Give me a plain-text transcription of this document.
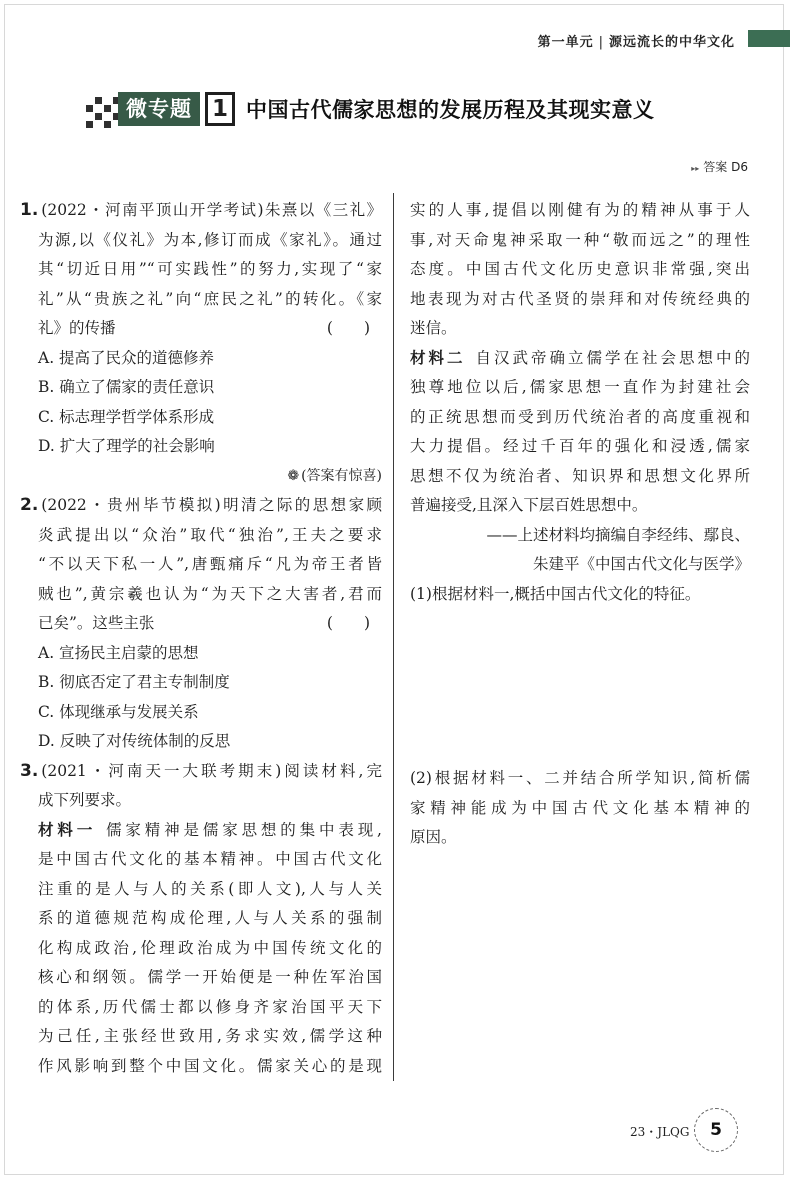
第一单元 | 源远流长的中华文化
微专题 1 中国古代儒家思想的发展历程及其现实意义
▸▸ 答案 D6
1. (2022・河南平顶山开学考试)朱熹以《三礼》
为源,以《仪礼》为本,修订而成《家礼》。通过
其“切近日用”“可实践性”的努力,实现了“家
礼”从“贵族之礼”向“庶民之礼”的转化。《家
礼》的传播	(　　)
A. 提高了民众的道德修养
B. 确立了儒家的责任意识
C. 标志理学哲学体系形成
D. 扩大了理学的社会影响
❁ (答案有惊喜)
2. (2022・贵州毕节模拟)明清之际的思想家顾
炎武提出以“众治”取代“独治”,王夫之要求
“不以天下私一人”,唐甄痛斥“凡为帝王者皆
贼也”,黄宗羲也认为“为天下之大害者,君而
已矣”。这些主张	(　　)
A. 宣扬民主启蒙的思想
B. 彻底否定了君主专制制度
C. 体现继承与发展关系
D. 反映了对传统体制的反思
3. (2021・河南天一大联考期末)阅读材料,完
成下列要求。
材料一 儒家精神是儒家思想的集中表现,
是中国古代文化的基本精神。中国古代文化
注重的是人与人的关系(即人文),人与人关
系的道德规范构成伦理,人与人关系的强制
化构成政治,伦理政治成为中国传统文化的
核心和纲领。儒学一开始便是一种佐军治国
的体系,历代儒士都以修身齐家治国平天下
为己任,主张经世致用,务求实效,儒学这种
作风影响到整个中国文化。儒家关心的是现
实的人事,提倡以刚健有为的精神从事于人
事,对天命鬼神采取一种“敬而远之”的理性
态度。中国古代文化历史意识非常强,突出
地表现为对古代圣贤的崇拜和对传统经典的
迷信。
材料二 自汉武帝确立儒学在社会思想中的
独尊地位以后,儒家思想一直作为封建社会
的正统思想而受到历代统治者的高度重视和
大力提倡。经过千百年的强化和浸透,儒家
思想不仅为统治者、知识界和思想文化界所
普遍接受,且深入下层百姓思想中。
——上述材料均摘编自李经纬、鄢良、
朱建平《中国古代文化与医学》
(1)根据材料一,概括中国古代文化的特征。
(2)根据材料一、二并结合所学知识,简析儒
家精神能成为中国古代文化基本精神的
原因。
23・JLQG	5
